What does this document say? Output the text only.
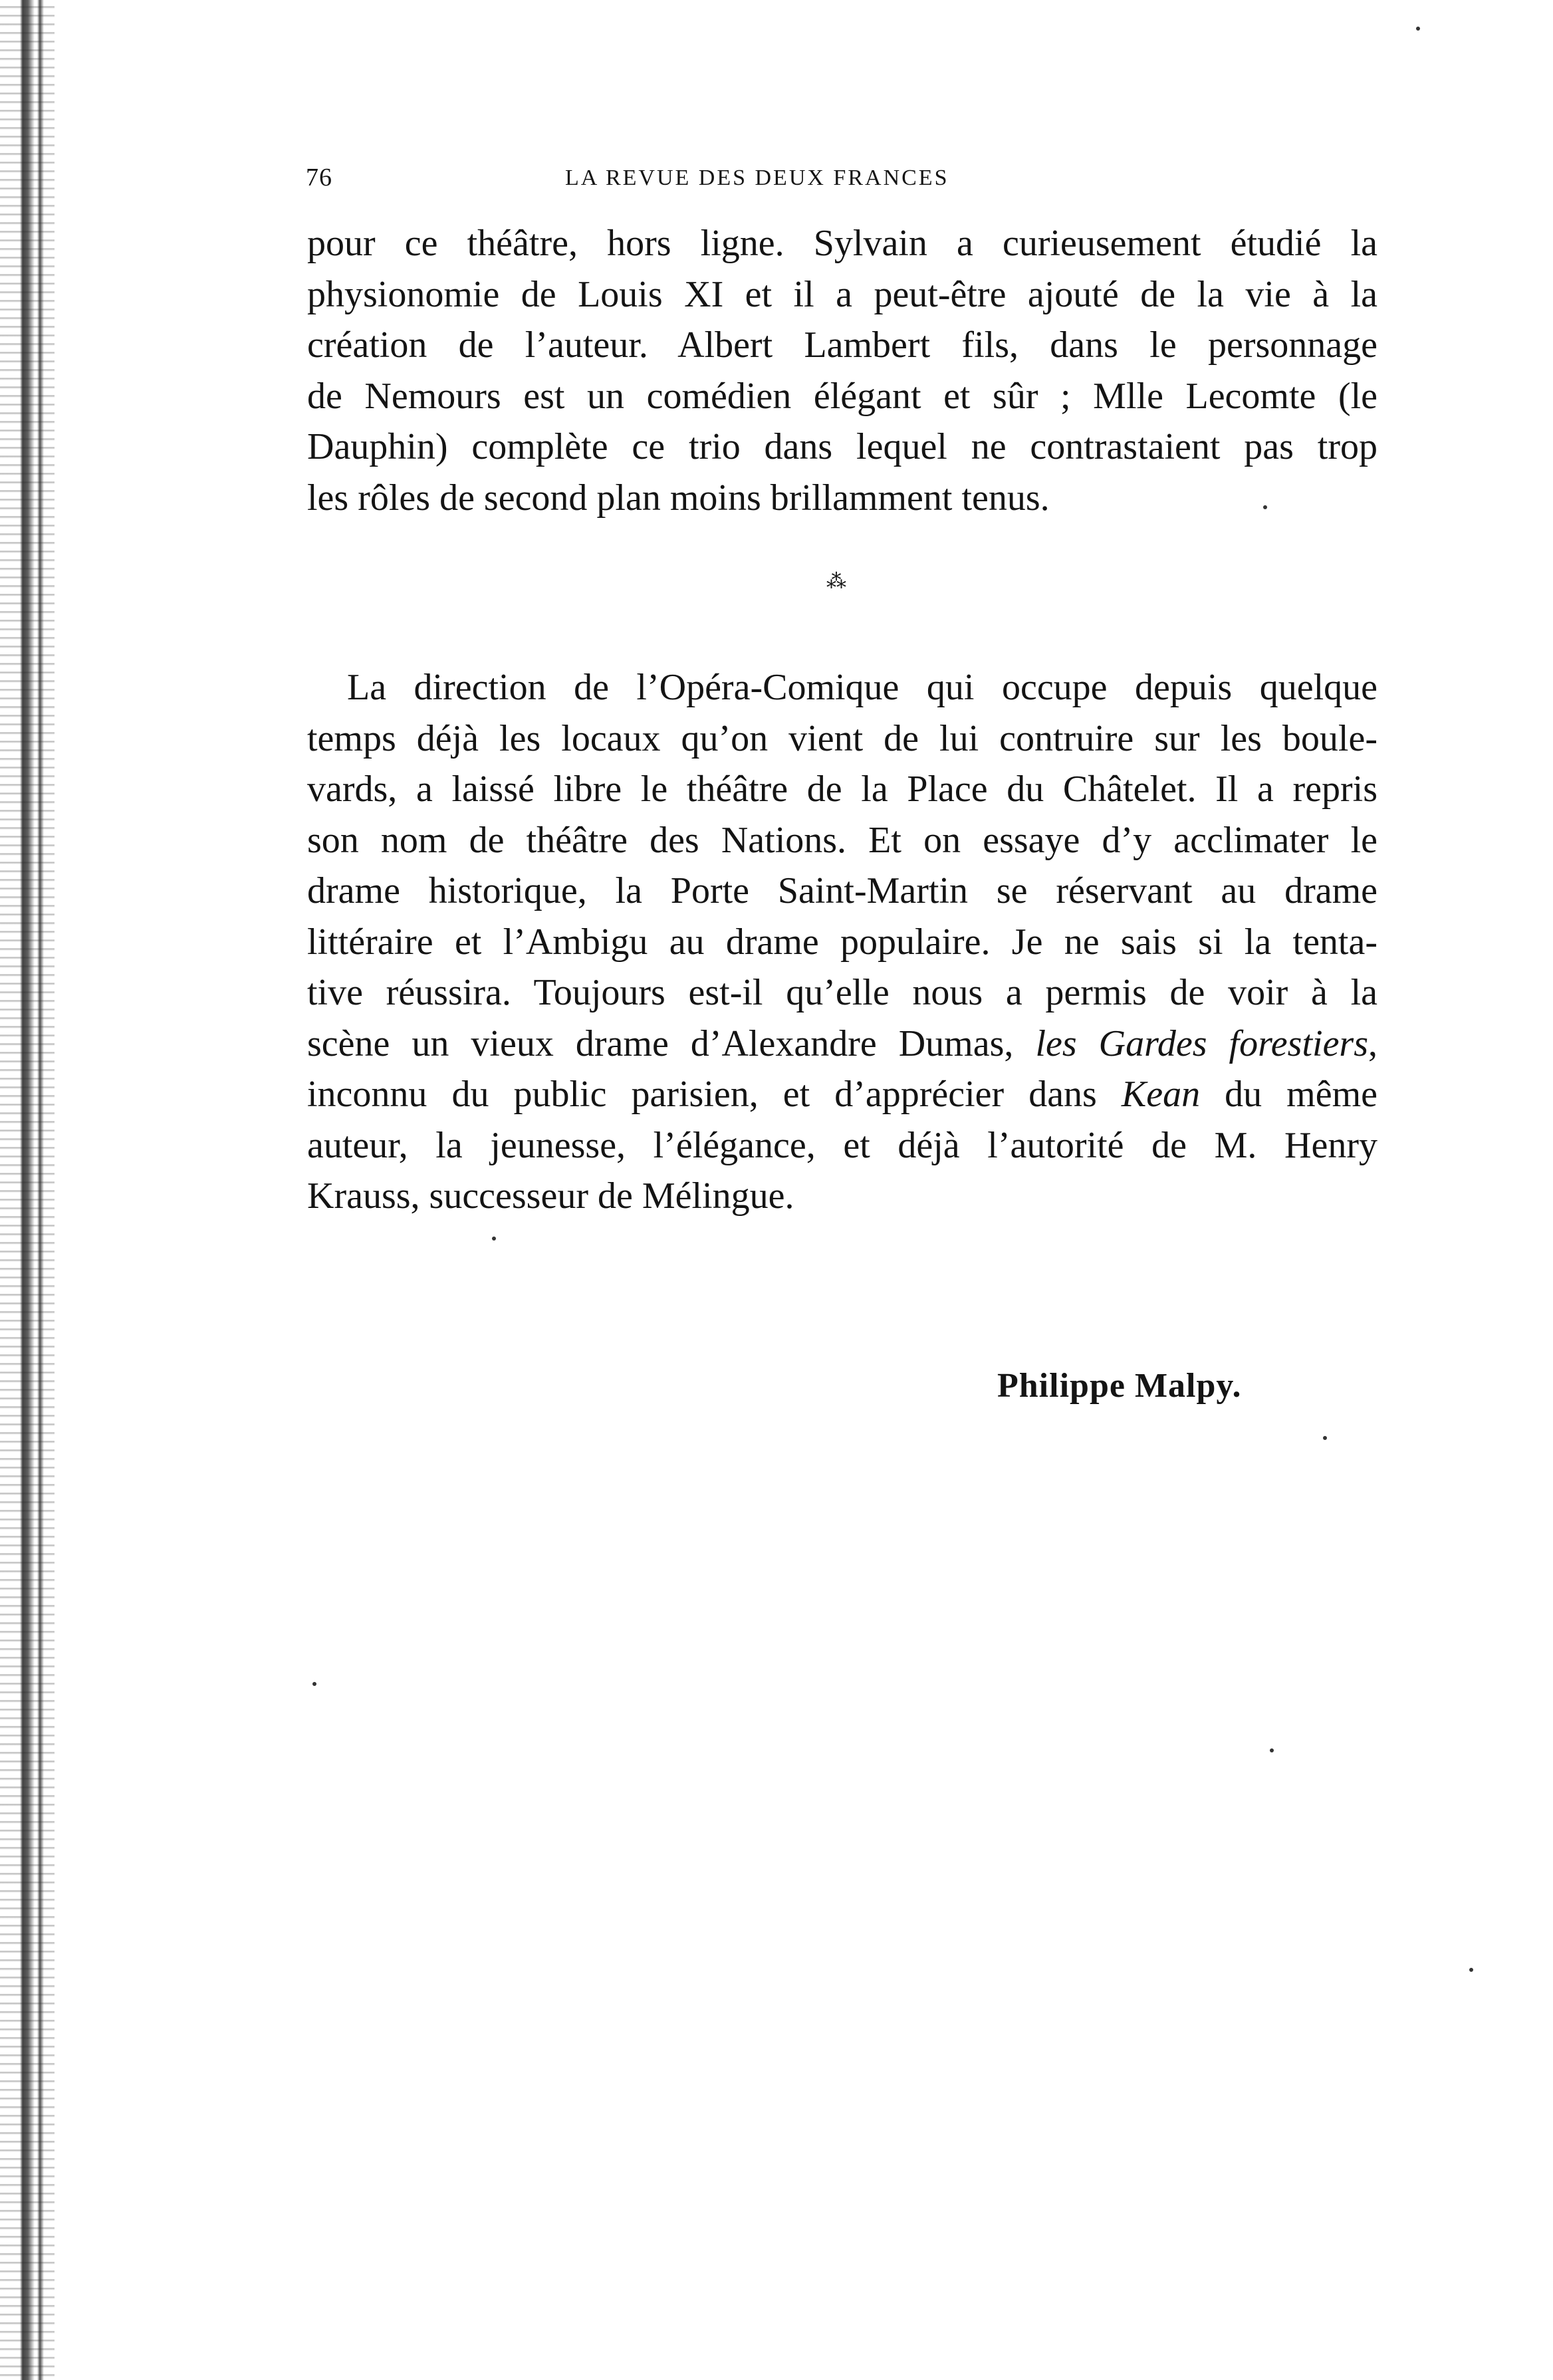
76	LA REVUE DES DEUX FRANCES
pour ce théâtre, hors ligne. Sylvain a curieusement étudié la
physionomie de Louis XI et il a peut-être ajouté de la vie à la
création de l’auteur. Albert Lambert fils, dans le personnage
de Nemours est un comédien élégant et sûr ; Mlle Lecomte (le
Dauphin) complète ce trio dans lequel ne contrastaient pas trop
les rôles de second plan moins brillamment tenus.
⁂
La direction de l’Opéra-Comique qui occupe depuis quelque
temps déjà les locaux qu’on vient de lui contruire sur les boule-
vards, a laissé libre le théâtre de la Place du Châtelet. Il a repris
son nom de théâtre des Nations. Et on essaye d’y acclimater le
drame historique, la Porte Saint-Martin se réservant au drame
littéraire et l’Ambigu au drame populaire. Je ne sais si la tenta-
tive réussira. Toujours est-il qu’elle nous a permis de voir à la
scène un vieux drame d’Alexandre Dumas, les Gardes forestiers,
inconnu du public parisien, et d’apprécier dans Kean du même
auteur, la jeunesse, l’élégance, et déjà l’autorité de M. Henry
Krauss, successeur de Mélingue.
Philippe Malpy.
